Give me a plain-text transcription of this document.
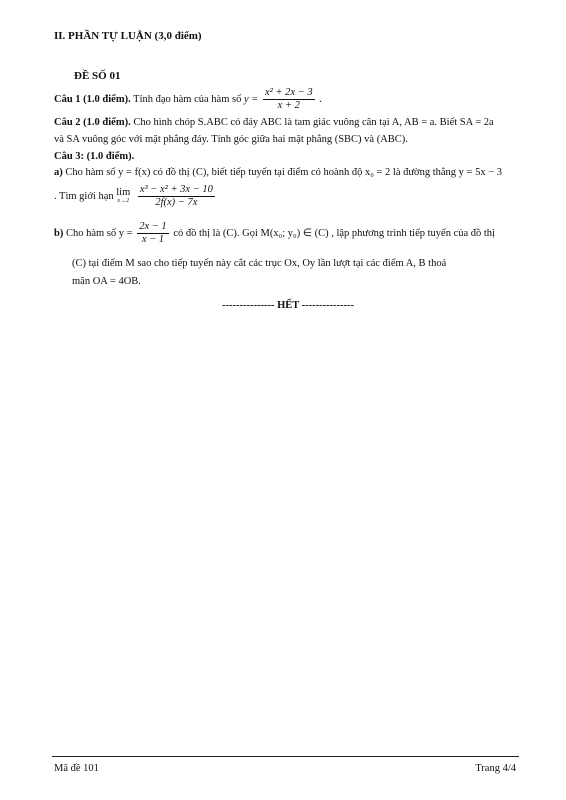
II. PHẦN TỰ LUẬN (3,0 điểm)
ĐỀ SỐ 01
Câu 1 (1.0 điểm). Tính đạo hàm của hàm số $y = \frac{\text{x² + 2x − 3}}{x + 2}$ .
Câu 2 (1.0 điểm). Cho hình chóp S.ABC có đáy ABC là tam giác vuông cân tại A, AB = a. Biết SA = 2a
và SA vuông góc với mặt phẳng đáy. Tính góc giữa hai mặt phẳng (SBC) và (ABC).
Câu 3: (1.0 điểm).
a) Cho hàm số y = f(x) có đồ thị (C), biết tiếp tuyến tại điểm có hoành độ x₀ = 2 là đường thẳng y = 5x − 3
. Tìm giới hạn lim
x→2
$\frac{\text{x³ − x² + 3x − 10}}{2f(x) - 7x}$
b) Cho hàm số $y = \frac{2x - 1}{x - 1}$ có đồ thị là (C). Gọi M(x₀; y₀) ∈ (C) , lập phương trình tiếp tuyến của đồ thị
(C) tại điểm M sao cho tiếp tuyến này cắt các trục Ox, Oy lần lượt tại các điểm A, B thoả
mãn OA = 4OB.
--------------- HẾT ---------------
Mã đề 101	Trang 4/4
